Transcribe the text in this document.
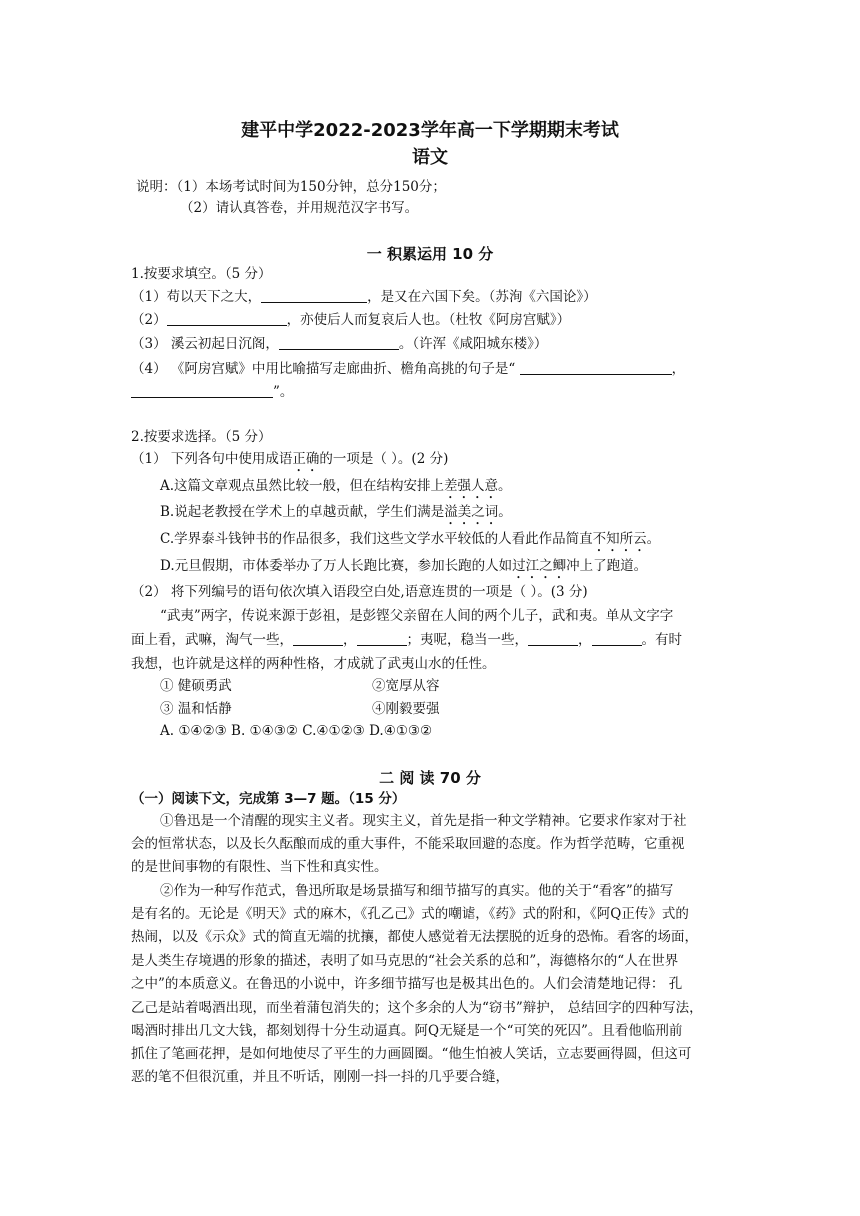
建平中学2022-2023学年高一下学期期末考试
语文
说明：（1）本场考试时间为150分钟，总分150分；
（2）请认真答卷，并用规范汉字书写。
一 积累运用 10 分
1.按要求填空。（5 分）
（1）苟以天下之大，	，是又在六国下矣。（苏洵《六国论》）
（2）	，亦使后人而复哀后人也。（杜牧《阿房宫赋》）
（3） 溪云初起日沉阁，	。（许浑《咸阳城东楼》）
（4） 《阿房宫赋》中用比喻描写走廊曲折、檐角高挑的句子是“	，
”。
2.按要求选择。（5 分）
（1） 下列各句中使用成语正确的一项是（ ）。(2 分)
A.这篇文章观点虽然比较一般，但在结构安排上差强人意。
B.说起老教授在学术上的卓越贡献，学生们满是溢美之词。
C.学界泰斗钱钟书的作品很多，我们这些文学水平较低的人看此作品简直不知所云。
D.元旦假期，市体委举办了万人长跑比赛，参加长跑的人如过江之鲫冲上了跑道。
（2） 将下列编号的语句依次填入语段空白处,语意连贯的一项是（ ）。(3 分)
“武夷”两字，传说来源于彭祖，是彭铿父亲留在人间的两个儿子，武和夷。单从文字字
面上看，武嘛，淘气一些，	，	；夷呢，稳当一些，	，	。有时
我想，也许就是这样的两种性格，才成就了武夷山水的任性。
① 健硕勇武	②宽厚从容
③ 温和恬静	④刚毅要强
A. ①④②③ B. ①④③② C.④①②③ D.④①③②
二 阅 读 70 分
（一）阅读下文，完成第 3—7 题。（15 分）
①鲁迅是一个清醒的现实主义者。现实主义，首先是指一种文学精神。它要求作家对于社
会的恒常状态，以及长久酝酿而成的重大事件，不能采取回避的态度。作为哲学范畴，它重视
的是世间事物的有限性、当下性和真实性。
②作为一种写作范式，鲁迅所取是场景描写和细节描写的真实。他的关于“看客”的描写
是有名的。无论是《明天》式的麻木，《孔乙己》式的嘲谑，《药》式的附和，《阿Q正传》式的
热闹，以及《示众》式的简直无端的扰攘，都使人感觉着无法摆脱的近身的恐怖。看客的场面，
是人类生存境遇的形象的描述，表明了如马克思的“社会关系的总和”，海德格尔的“人在世界
之中”的本质意义。在鲁迅的小说中，许多细节描写也是极其出色的。人们会清楚地记得： 孔
乙己是站着喝酒出现，而坐着蒲包消失的；这个多余的人为“窃书”辩护， 总结回字的四种写法，
喝酒时排出几文大钱，都刻划得十分生动逼真。阿Q无疑是一个“可笑的死囚”。且看他临刑前
抓住了笔画花押，是如何地使尽了平生的力画圆圈。“他生怕被人笑话，立志要画得圆，但这可
恶的笔不但很沉重，并且不听话，刚刚一抖一抖的几乎要合缝，
